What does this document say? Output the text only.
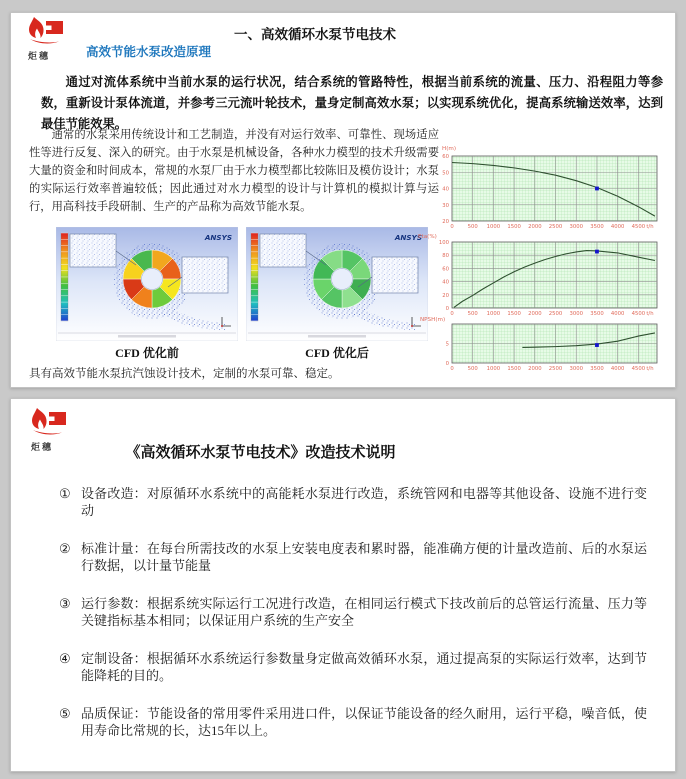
炬穗
一、高效循环水泵节电技术
高效节能水泵改造原理
通过对流体系统中当前水泵的运行状况，结合系统的管路特性，根据当前系统的流量、压力、沿程阻力等参数，重新设计泵体流道，并参考三元流叶轮技术，量身定制高效水泵；以实现系统优化，提高系统输送效率，达到最佳节能效果。
通常的水泵采用传统设计和工艺制造，并没有对运行效率、可靠性、现场适应性等进行反复、深入的研究。由于水泵是机械设备，各种水力模型的技术升级需要大量的资金和时间成本，常规的水泵厂由于水力模型都比较陈旧及模仿设计；水泵的实际运行效率普遍较低；因此通过对水力模型的设计与计算机的模拟计算与运行，用高科技手段研制、生产的产品称为高效节能水泵。
ANSYS	ANSYS
CFD 优化前	CFD 优化后
0	500 1000 1500 2000 2500 3000 3500 4000 4500 t/h
20
30
40
50
60
H(m)
0	500 1000 1500 2000 2500 3000 3500 4000 4500 t/h
0
20
40
60
80
100
Eta(%)
0	500 1000 1500 2000 2500 3000 3500 4000 4500 t/h
0
5
NPSH(m)
具有高效节能水泵抗汽蚀设计技术，定制的水泵可靠、稳定。
炬穗	《高效循环水泵节电技术》改造技术说明
① 设备改造：对原循环水系统中的高能耗水泵进行改造，系统管网和电器等其他设备、设施不进行变动
② 标准计量：在每台所需技改的水泵上安装电度表和累时器，能准确方便的计量改造前、后的水泵运行数据，以计量节能量
③ 运行参数：根据系统实际运行工况进行改造，在相同运行模式下技改前后的总管运行流量、压力等关键指标基本相同；以保证用户系统的生产安全
④ 定制设备：根据循环水系统运行参数量身定做高效循环水泵，通过提高泵的实际运行效率，达到节能降耗的目的。
⑤ 品质保证：节能设备的常用零件采用进口件，以保证节能设备的经久耐用，运行平稳，噪音低，使用寿命比常规的长，达15年以上。
